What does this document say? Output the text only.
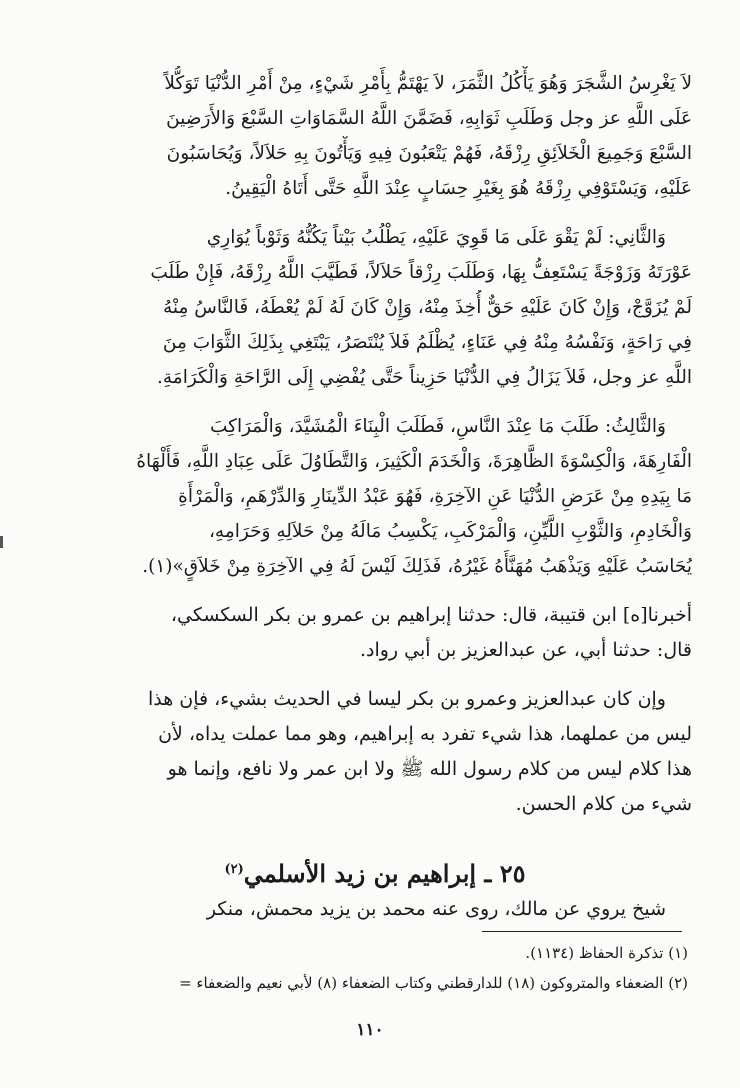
لاَ يَغْرِسُ الشَّجَرَ وَهُوَ يَأْكُلُ الثَّمَرَ، لاَ يَهْتَمُّ بِأَمْرِ شَيْءٍ، مِنْ أَمْرِ الدُّنْيَا تَوَكُّلاً
عَلَى اللَّهِ عز وجل وَطَلَبِ ثَوَابِهِ، فَضَمَّنَ اللَّهُ السَّمَاوَاتِ السَّبْعَ وَالأَرَضِينَ
السَّبْعَ وَجَمِيعَ الْخَلاَئِقِ رِزْقَهُ، فَهُمْ يَتْعَبُونَ فِيهِ وَيَأْتُونَ بِهِ حَلاَلاً، وَيُحَاسَبُونَ
عَلَيْهِ، وَيَسْتَوْفِي رِزْقَهُ هُوَ بِغَيْرِ حِسَابٍ عِنْدَ اللَّهِ حَتَّى أَتَاهُ الْيَقِينُ.
وَالثَّانِي: لَمْ يَقْوَ عَلَى مَا قَوِيَ عَلَيْهِ، يَطْلُبُ بَيْتاً يَكُنُّهُ وَثَوْباً يُوَارِي
عَوْرَتَهُ وَزَوْجَةً يَسْتَعِفُّ بِهَا، وَطَلَبَ رِزْقاً حَلاَلاً، فَطَيَّبَ اللَّهُ رِزْقَهُ، فَإِنْ طَلَبَ
لَمْ يُزَوَّجْ، وَإِنْ كَانَ عَلَيْهِ حَقٌّ أُخِذَ مِنْهُ، وَإِنْ كَانَ لَهُ لَمْ يُعْطَهُ، فَالنَّاسُ مِنْهُ
فِي رَاحَةٍ، وَنَفْسُهُ مِنْهُ فِي عَنَاءٍ، يُظْلَمُ فَلاَ يُنْتَصَرُ، يَبْتَغِي بِذَلِكَ الثَّوَابَ مِنَ
اللَّهِ عز وجل، فَلاَ يَزَالُ فِي الدُّنْيَا حَزِيناً حَتَّى يُفْضِي إِلَى الرَّاحَةِ وَالْكَرَامَةِ.
وَالثَّالِثُ: طَلَبَ مَا عِنْدَ النَّاسِ، فَطَلَبَ الْبِنَاءَ الْمُشَيَّدَ، وَالْمَرَاكِبَ
الْفَارِهَةَ، وَالْكِسْوَةَ الظَّاهِرَةَ، وَالْخَدَمَ الْكَثِيرَ، وَالتَّطَاوُلَ عَلَى عِبَادِ اللَّهِ، فَأَلْهَاهُ
مَا بِيَدِهِ مِنْ عَرَضِ الدُّنْيَا عَنِ الآخِرَةِ، فَهُوَ عَبْدُ الدِّينَارِ وَالدِّرْهَمِ، وَالْمَرْأَةِ
وَالْخَادِمِ، وَالثَّوْبِ اللَّيِّنِ، وَالْمَرْكَبِ، يَكْسِبُ مَالَهُ مِنْ حَلاَلِهِ وَحَرَامِهِ،
يُحَاسَبُ عَلَيْهِ وَيَذْهَبُ مُهَنَّأَهُ غَيْرُهُ، فَذَلِكَ لَيْسَ لَهُ فِي الآخِرَةِ مِنْ خَلاَقٍ»(١).
أخبرنا[ه] ابن قتيبة، قال: حدثنا إبراهيم بن عمرو بن بكر السكسكي،
قال: حدثنا أبي، عن عبدالعزيز بن أبي رواد.
وإن كان عبدالعزيز وعمرو بن بكر ليسا في الحديث بشيء، فإن هذا
ليس من عملهما، هذا شيء تفرد به إبراهيم، وهو مما عملت يداه، لأن
هذا كلام ليس من كلام رسول الله ﷺ ولا ابن عمر ولا نافع، وإنما هو
شيء من كلام الحسن.
٢٥ ـ إبراهيم بن زيد الأسلمي$^{(٢)}$
شيخ يروي عن مالك، روى عنه محمد بن يزيد محمش، منكر
(١) تذكرة الحفاظ (١١٣٤).
(٢) الضعفاء والمتروكون (١٨) للدارقطني وكتاب الضعفاء (٨) لأبي نعيم والضعفاء =
١١٠
